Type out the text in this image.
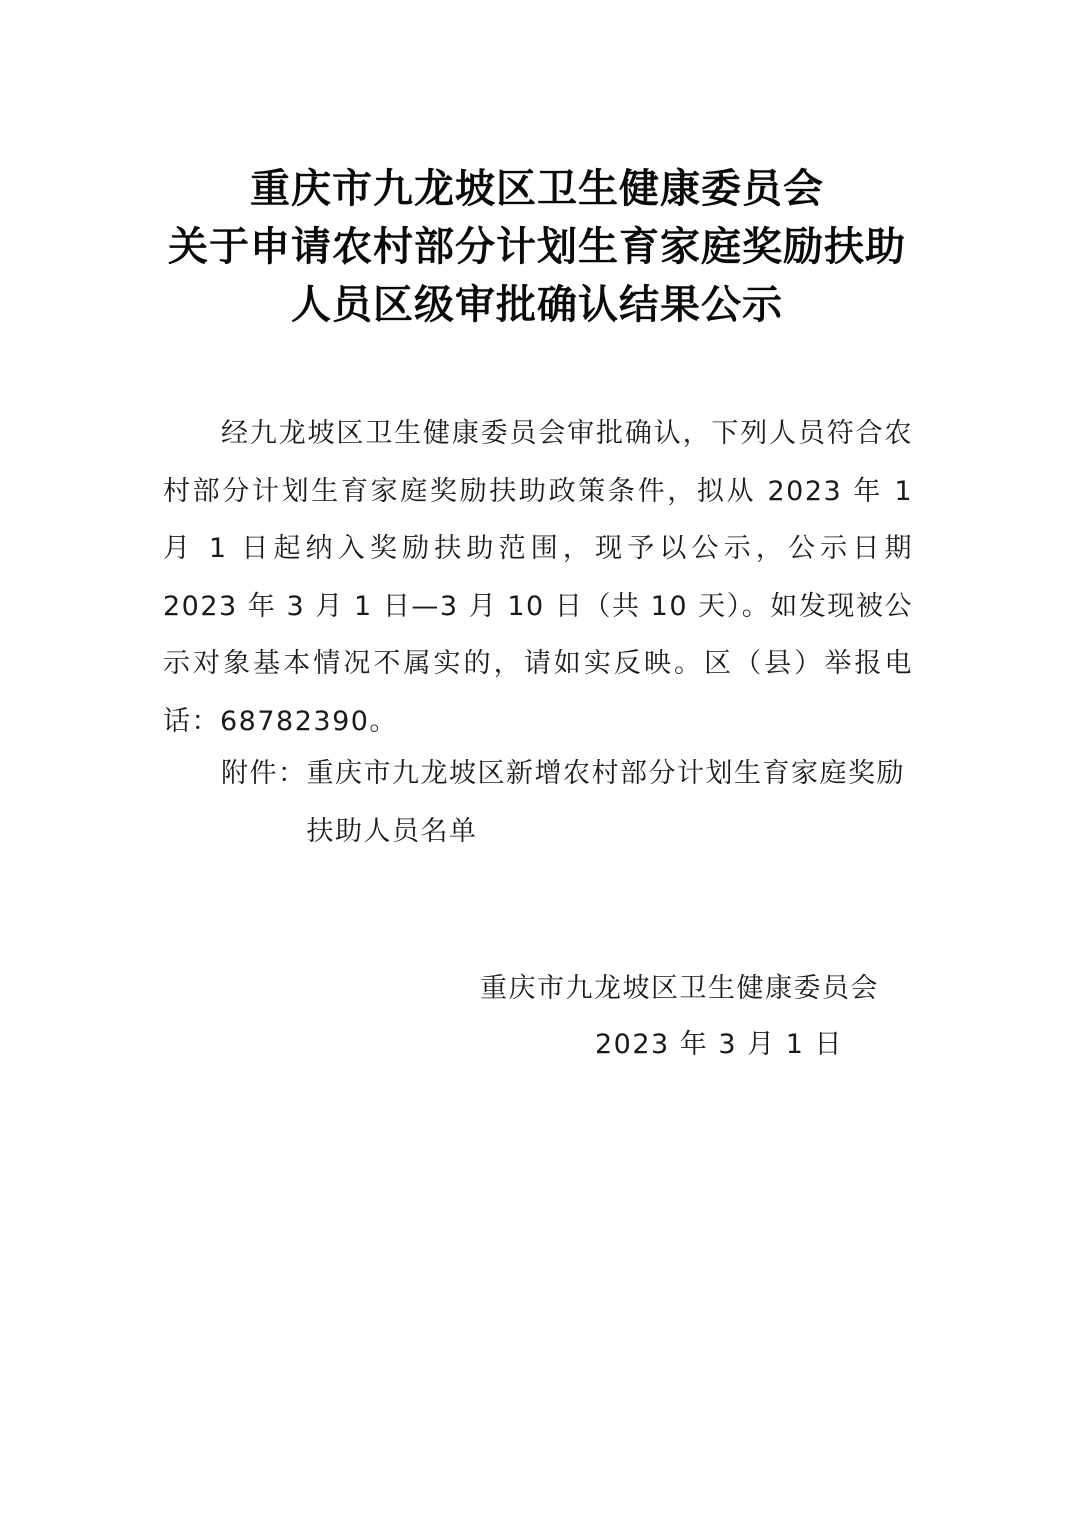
重庆市九龙坡区卫生健康委员会
关于申请农村部分计划生育家庭奖励扶助
人员区级审批确认结果公示
经九龙坡区卫生健康委员会审批确认，下列人员符合农村部分计划生育家庭奖励扶助政策条件，拟从 2023 年 1 月 1 日起纳入奖励扶助范围，现予以公示，公示日期 2023 年 3 月 1 日—3 月 10 日（共 10 天）。如发现被公示对象基本情况不属实的，请如实反映。区（县）举报电话：68782390。
附件： 重庆市九龙坡区新增农村部分计划生育家庭奖励扶助人员名单
重庆市九龙坡区卫生健康委员会
2023 年 3 月 1 日
